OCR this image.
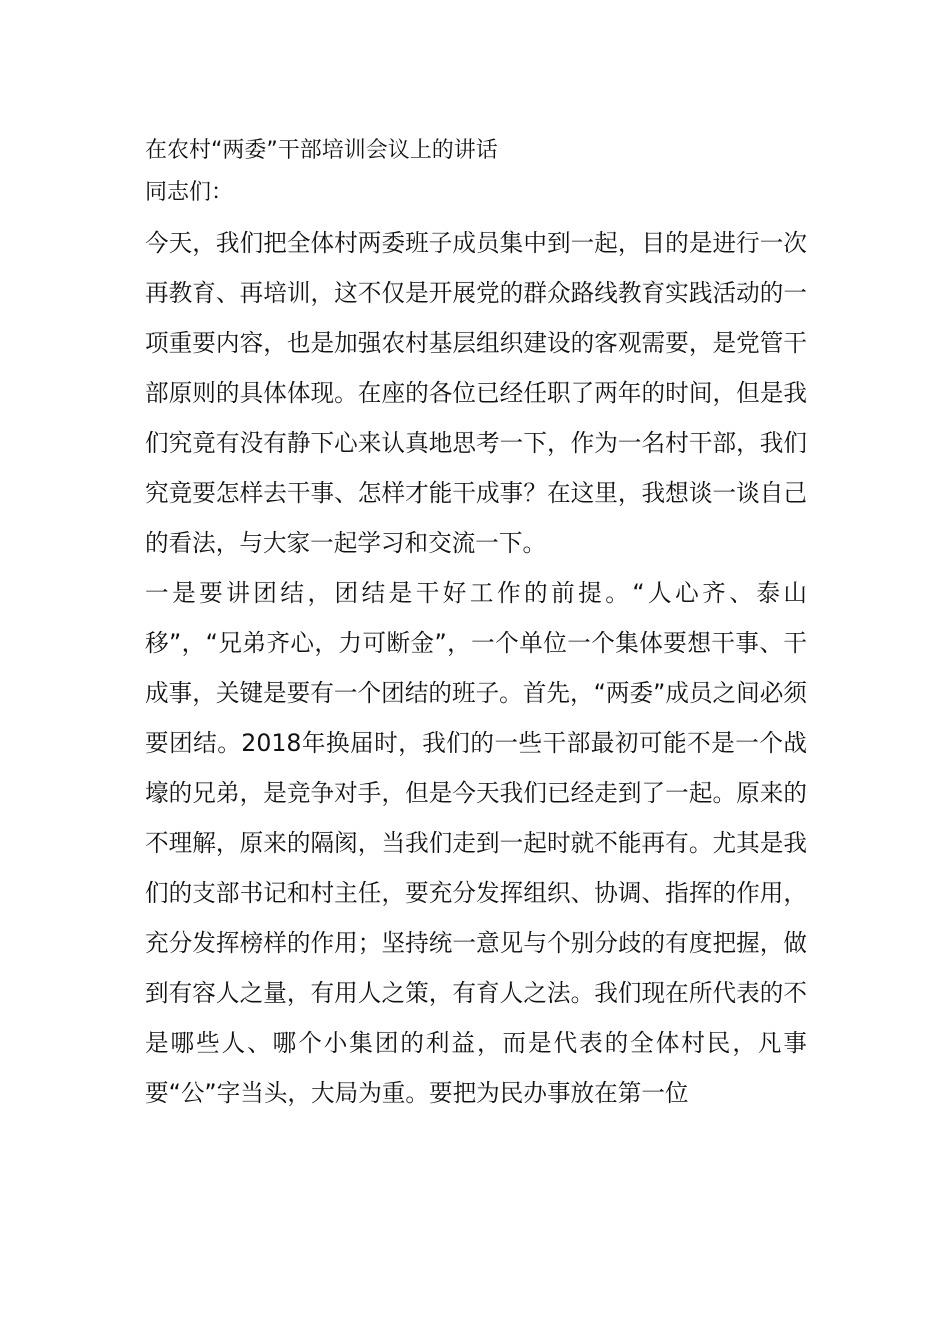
在农村“两委”干部培训会议上的讲话
同志们：

今天，我们把全体村两委班子成员集中到一起，目的是进行一次再教育、再培训，这不仅是开展党的群众路线教育实践活动的一项重要内容，也是加强农村基层组织建设的客观需要，是党管干部原则的具体体现。在座的各位已经任职了两年的时间，但是我们究竟有没有静下心来认真地思考一下，作为一名村干部，我们究竟要怎样去干事、怎样才能干成事？在这里，我想谈一谈自己的看法，与大家一起学习和交流一下。

一是要讲团结，团结是干好工作的前提。“人心齐、泰山移”，“兄弟齐心，力可断金”，一个单位一个集体要想干事、干成事，关键是要有一个团结的班子。首先，“两委”成员之间必须要团结。2018年换届时，我们的一些干部最初可能不是一个战壕的兄弟，是竞争对手，但是今天我们已经走到了一起。原来的不理解，原来的隔阂，当我们走到一起时就不能再有。尤其是我们的支部书记和村主任，要充分发挥组织、协调、指挥的作用，充分发挥榜样的作用；坚持统一意见与个别分歧的有度把握，做到有容人之量，有用人之策，有育人之法。我们现在所代表的不是哪些人、哪个小集团的利益，而是代表的全体村民，凡事要“公”字当头，大局为重。要把为民办事放在第一位
